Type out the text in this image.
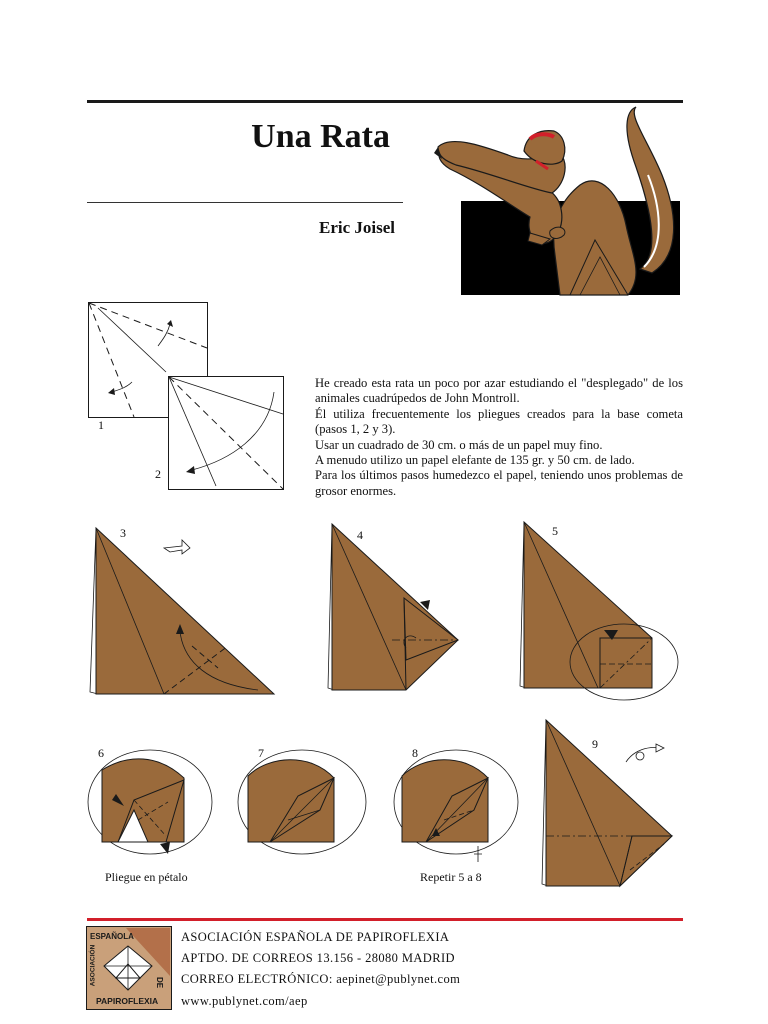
Una Rata
Eric Joisel
1
2

He creado esta rata un poco por azar estudiando el "desplegado" de los animales cuadrúpedos de John Montroll.

Él utiliza frecuentemente los pliegues creados para la base cometa (pasos 1, 2 y 3).

Usar un cuadrado de 30 cm. o más de un papel muy fino.

A menudo utilizo un papel elefante de 135 gr. y 50 cm. de lado.

Para los últimos pasos humedezco el papel, teniendo unos problemas de grosor enormes.

3	4	5
6
Pliegue en pétalo
7	8
Repetir 5 a 8
9
ESPAÑOLA
ASOCIACIÓN	DE
PAPIROFLEXIA
ASOCIACIÓN ESPAÑOLA DE PAPIROFLEXIA
APTDO. DE CORREOS 13.156 - 28080 MADRID
CORREO ELECTRÓNICO: aepinet@publynet.com
www.publynet.com/aep
